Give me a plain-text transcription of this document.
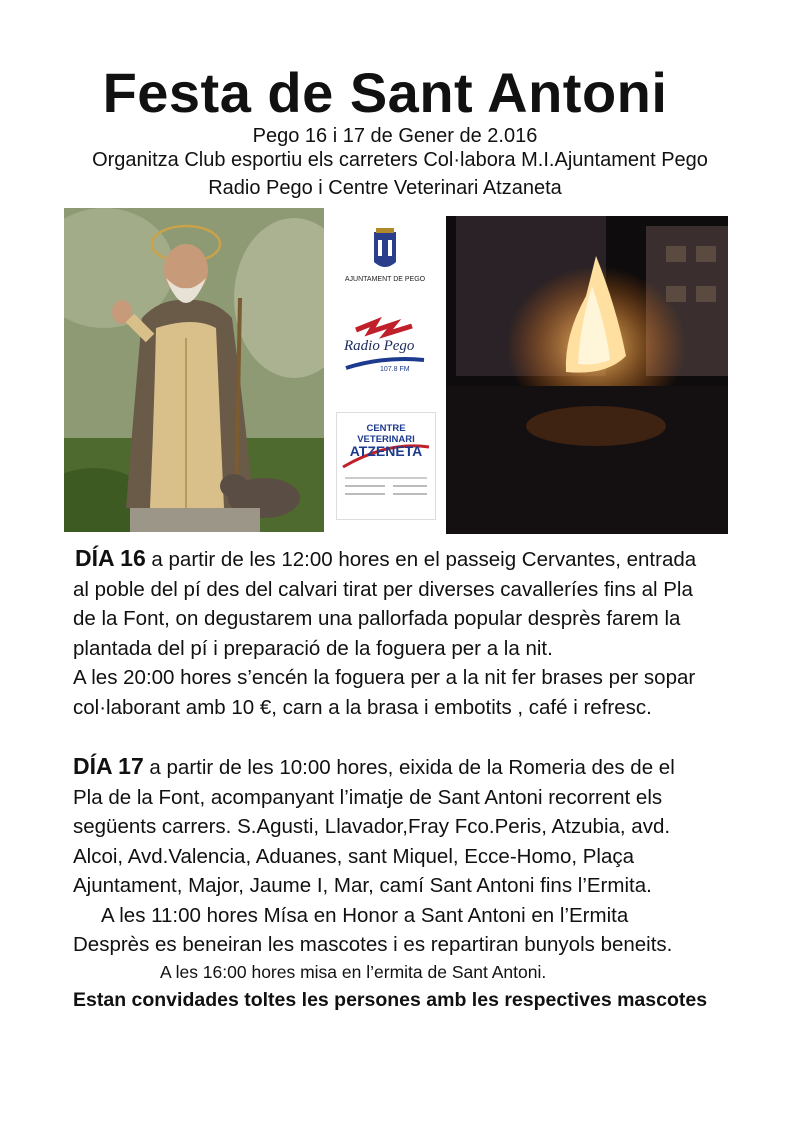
Festa de Sant Antoni
Pego 16 i 17 de Gener de 2.016
Organitza Club esportiu els carreters Col·labora M.I.Ajuntament Pego
Radio Pego i Centre Veterinari Atzaneta
AJUNTAMENT DE PEGO
Radio Pego
107.8 FM
CENTRE VETERINARI
ATZENETA

DÍA 16 a partir de les 12:00 hores en el passeig Cervantes, entrada

al poble del pí des del calvari tirat per diverses cavalleríes fins al Pla

de la Font, on degustarem una pallorfada popular desprès farem la

plantada del pí i preparació de la foguera per a la nit.

A les 20:00 hores s’encén la foguera per a la nit fer brases per sopar

col·laborant amb 10 €, carn a la brasa i embotits , café i refresc.

DÍA 17 a partir de les 10:00 hores, eixida de la Romeria des de el

Pla de la Font, acompanyant l’imatje de Sant Antoni recorrent els

següents carrers. S.Agusti, Llavador,Fray Fco.Peris, Atzubia, avd.

Alcoi, Avd.Valencia, Aduanes, sant Miquel, Ecce-Homo, Plaça

Ajuntament, Major, Jaume I, Mar, camí Sant Antoni fins l’Ermita.

A les 11:00 hores Mísa en Honor a Sant Antoni en l’Ermita

Desprès es beneiran les mascotes i es repartiran bunyols beneits.

A les 16:00 hores misa en l’ermita de Sant Antoni.
Estan convidades toltes les persones amb les respectives mascotes
